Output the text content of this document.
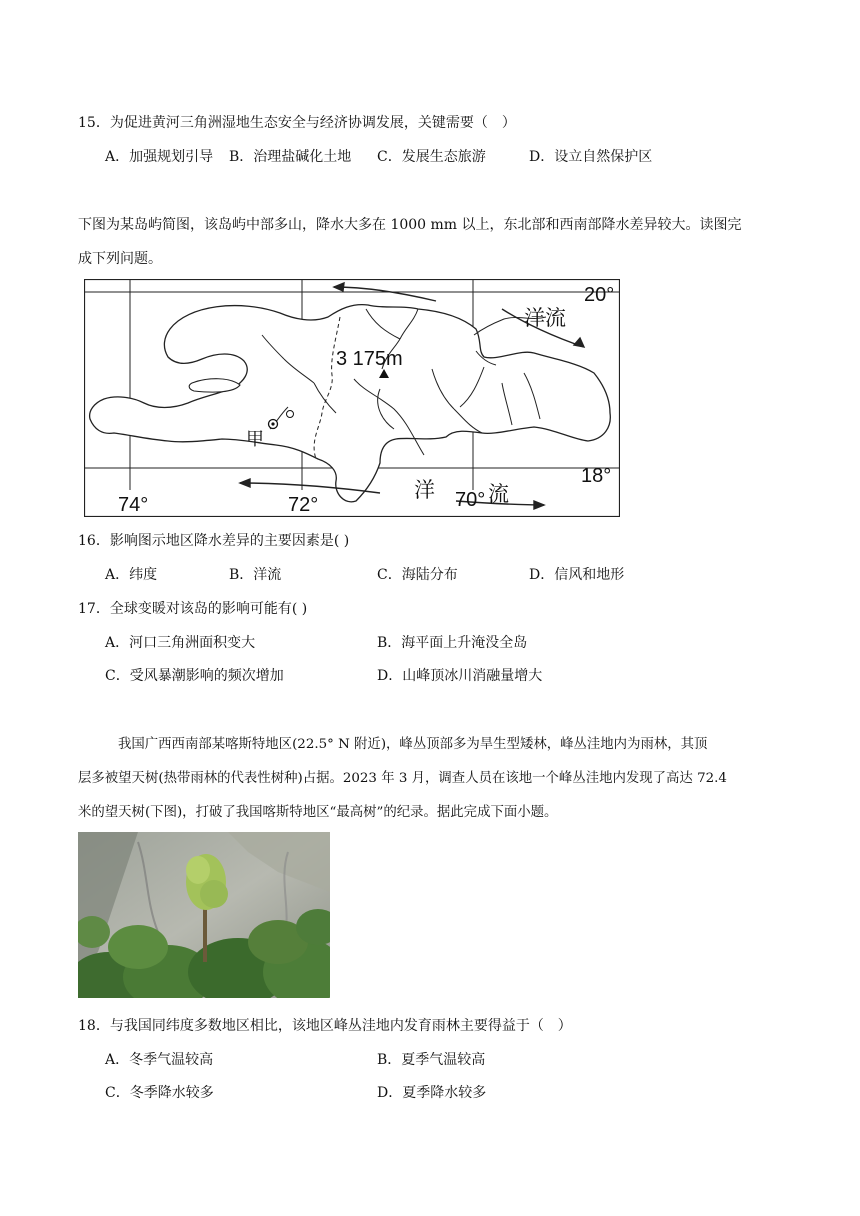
15．为促进黄河三角洲湿地生态安全与经济协调发展，关键需要（　）
A．加强规划引导 B．治理盐碱化土地 C．发展生态旅游	D．设立自然保护区
下图为某岛屿简图，该岛屿中部多山，降水大多在 1000 mm 以上，东北部和西南部降水差异较大。读图完
成下列问题。
20°
18°
74°	72°	70°
3 175m
甲
洋流
洋	流
16．影响图示地区降水差异的主要因素是( )
A．纬度	B．洋流	C．海陆分布	D．信风和地形
17．全球变暖对该岛的影响可能有( )
A．河口三角洲面积变大	B．海平面上升淹没全岛
C．受风暴潮影响的频次增加	D．山峰顶冰川消融量增大
我国广西西南部某喀斯特地区(22.5° N 附近)，峰丛顶部多为旱生型矮林，峰丛洼地内为雨林，其顶
层多被望天树(热带雨林的代表性树种)占据。2023 年 3 月，调查人员在该地一个峰丛洼地内发现了高达 72.4
米的望天树(下图)，打破了我国喀斯特地区“最高树”的纪录。据此完成下面小题。
18．与我国同纬度多数地区相比，该地区峰丛洼地内发育雨林主要得益于（　）
A．冬季气温较高	B．夏季气温较高
C．冬季降水较多	D．夏季降水较多
